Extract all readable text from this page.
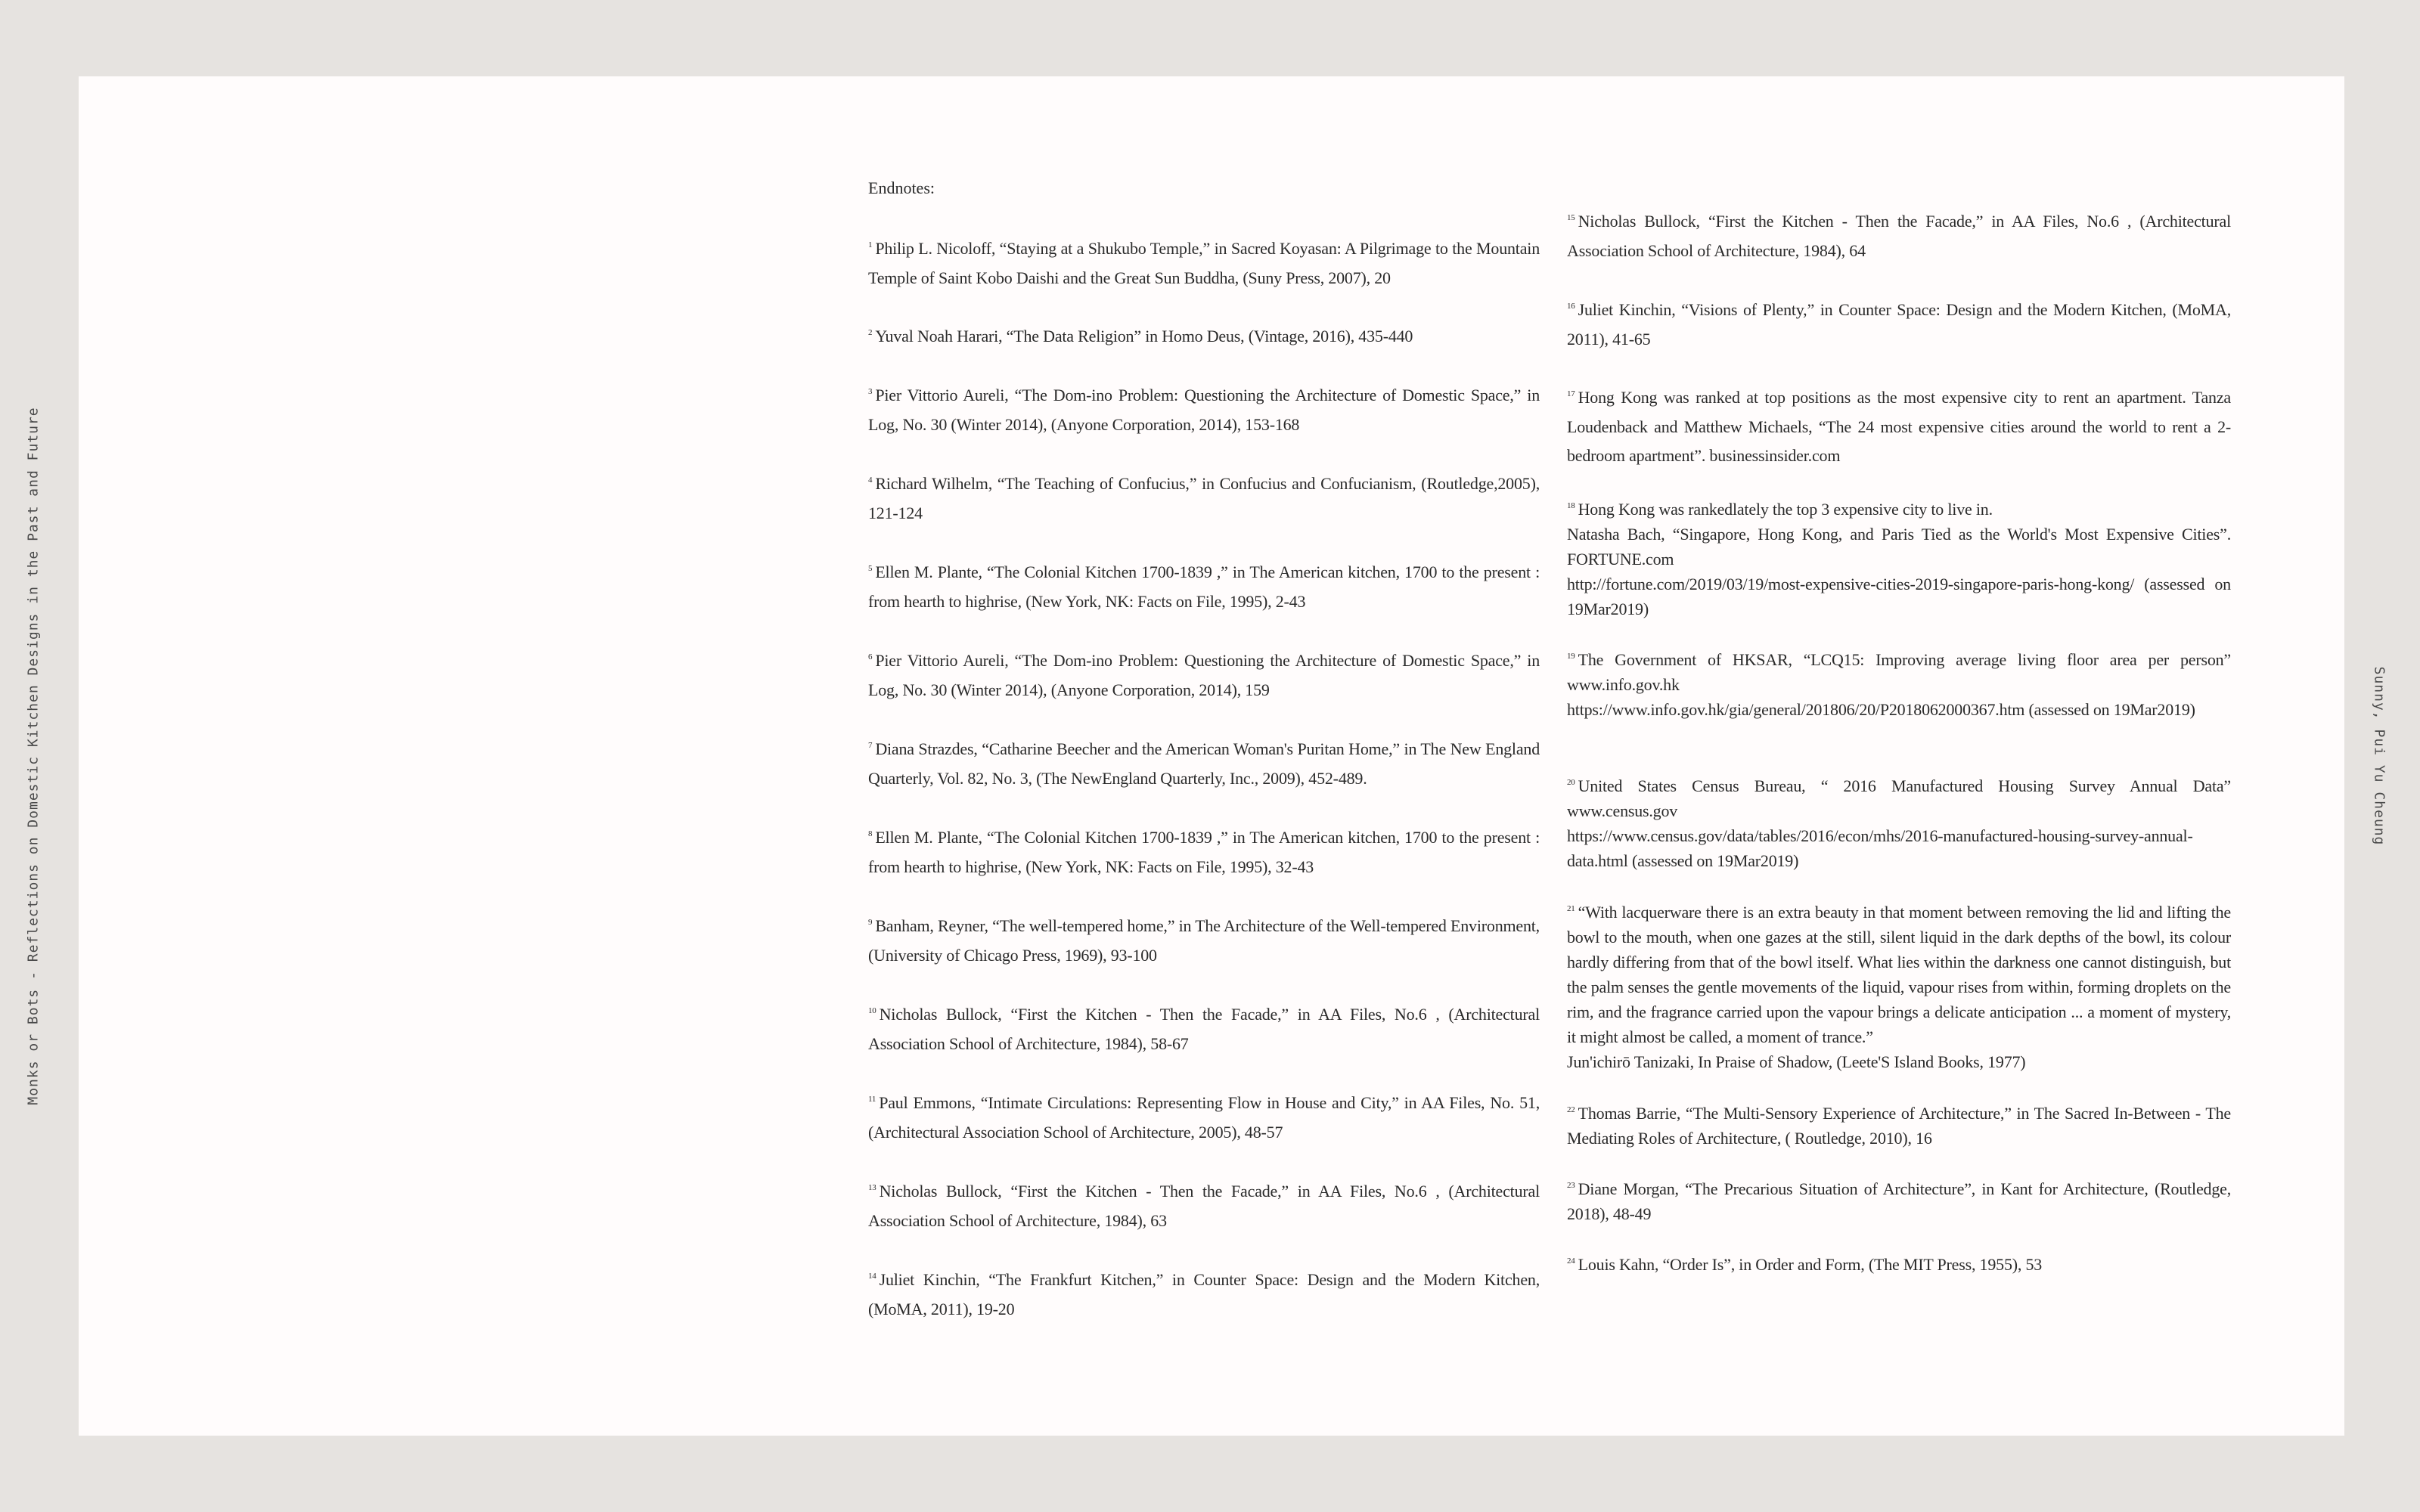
Monks or Bots - Reflections on Domestic Kitchen Designs in the Past and Future	Sunny, Pui Yu Cheung
Endnotes:
$^1$ Philip L. Nicoloff, “Staying at a Shukubo Temple,” in Sacred Koyasan: A Pilgrimage to the Mountain Temple of Saint Kobo Daishi and the Great Sun Buddha, (Suny Press, 2007), 20
$^2$ Yuval Noah Harari, “The Data Religion” in Homo Deus, (Vintage, 2016), 435-440
$^3$ Pier Vittorio Aureli, “The Dom-ino Problem: Questioning the Architecture of Domestic Space,” in Log, No. 30 (Winter 2014), (Anyone Corporation, 2014), 153-168
$^4$ Richard Wilhelm, “The Teaching of Confucius,” in Confucius and Confucianism, (Routledge,2005), 121-124
$^5$ Ellen M. Plante, “The Colonial Kitchen 1700-1839 ,” in The American kitchen, 1700 to the present : from hearth to highrise, (New York, NK: Facts on File, 1995), 2-43
$^6$ Pier Vittorio Aureli, “The Dom-ino Problem: Questioning the Architecture of Domestic Space,” in Log, No. 30 (Winter 2014), (Anyone Corporation, 2014), 159
$^7$ Diana Strazdes, “Catharine Beecher and the American Woman's Puritan Home,” in The New England Quarterly, Vol. 82, No. 3, (The NewEngland Quarterly, Inc., 2009), 452-489.
$^8$ Ellen M. Plante, “The Colonial Kitchen 1700-1839 ,” in The American kitchen, 1700 to the present : from hearth to highrise, (New York, NK: Facts on File, 1995), 32-43
$^9$ Banham, Reyner, “The well-tempered home,” in The Architecture of the Well-tempered Environment, (University of Chicago Press, 1969), 93-100
$^{10}$ Nicholas Bullock, “First the Kitchen - Then the Facade,” in AA Files, No.6 , (Architectural Association School of Architecture, 1984), 58-67
$^{11}$ Paul Emmons, “Intimate Circulations: Representing Flow in House and City,” in AA Files, No. 51, (Architectural Association School of Architecture, 2005), 48-57
$^{13}$ Nicholas Bullock, “First the Kitchen - Then the Facade,” in AA Files, No.6 , (Architectural Association School of Architecture, 1984), 63
$^{14}$ Juliet Kinchin, “The Frankfurt Kitchen,” in Counter Space: Design and the Modern Kitchen, (MoMA, 2011), 19-20
$^{15}$ Nicholas Bullock, “First the Kitchen - Then the Facade,” in AA Files, No.6 , (Architectural Association School of Architecture, 1984), 64
$^{16}$ Juliet Kinchin, “Visions of Plenty,” in Counter Space: Design and the Modern Kitchen, (MoMA, 2011), 41-65
$^{17}$ Hong Kong was ranked at top positions as the most expensive city to rent an apartment. Tanza Loudenback and Matthew Michaels, “The 24 most expensive cities around the world to rent a 2-bedroom apartment”. businessinsider.com
$^{18}$ Hong Kong was rankedlately the top 3 expensive city to live in.
Natasha Bach, “Singapore, Hong Kong, and Paris Tied as the World's Most Expensive Cities”. FORTUNE.com
http://fortune.com/2019/03/19/most-expensive-cities-2019-singapore-paris-hong-kong/ (assessed on 19Mar2019)
$^{19}$ The Government of HKSAR, “LCQ15: Improving average living floor area per person” www.info.gov.hk
https://www.info.gov.hk/gia/general/201806/20/P2018062000367.htm (assessed on 19Mar2019)
$^{20}$ United States Census Bureau, “ 2016 Manufactured Housing Survey Annual Data” www.census.gov
https://www.census.gov/data/tables/2016/econ/mhs/2016-manufactured-housing-survey-annual-data.html (assessed on 19Mar2019)
$^{21}$ “With lacquerware there is an extra beauty in that moment between removing the lid and lifting the bowl to the mouth, when one gazes at the still, silent liquid in the dark depths of the bowl, its colour hardly differing from that of the bowl itself. What lies within the darkness one cannot distinguish, but the palm senses the gentle movements of the liquid, vapour rises from within, forming droplets on the rim, and the fragrance carried upon the vapour brings a delicate anticipation ... a moment of mystery, it might almost be called, a moment of trance.”
Jun'ichirō Tanizaki, In Praise of Shadow, (Leete'S Island Books, 1977)
$^{22}$ Thomas Barrie, “The Multi-Sensory Experience of Architecture,” in The Sacred In-Between - The Mediating Roles of Architecture, ( Routledge, 2010), 16
$^{23}$ Diane Morgan, “The Precarious Situation of Architecture”, in Kant for Architecture, (Routledge, 2018), 48-49
$^{24}$ Louis Kahn, “Order Is”, in Order and Form, (The MIT Press, 1955), 53
